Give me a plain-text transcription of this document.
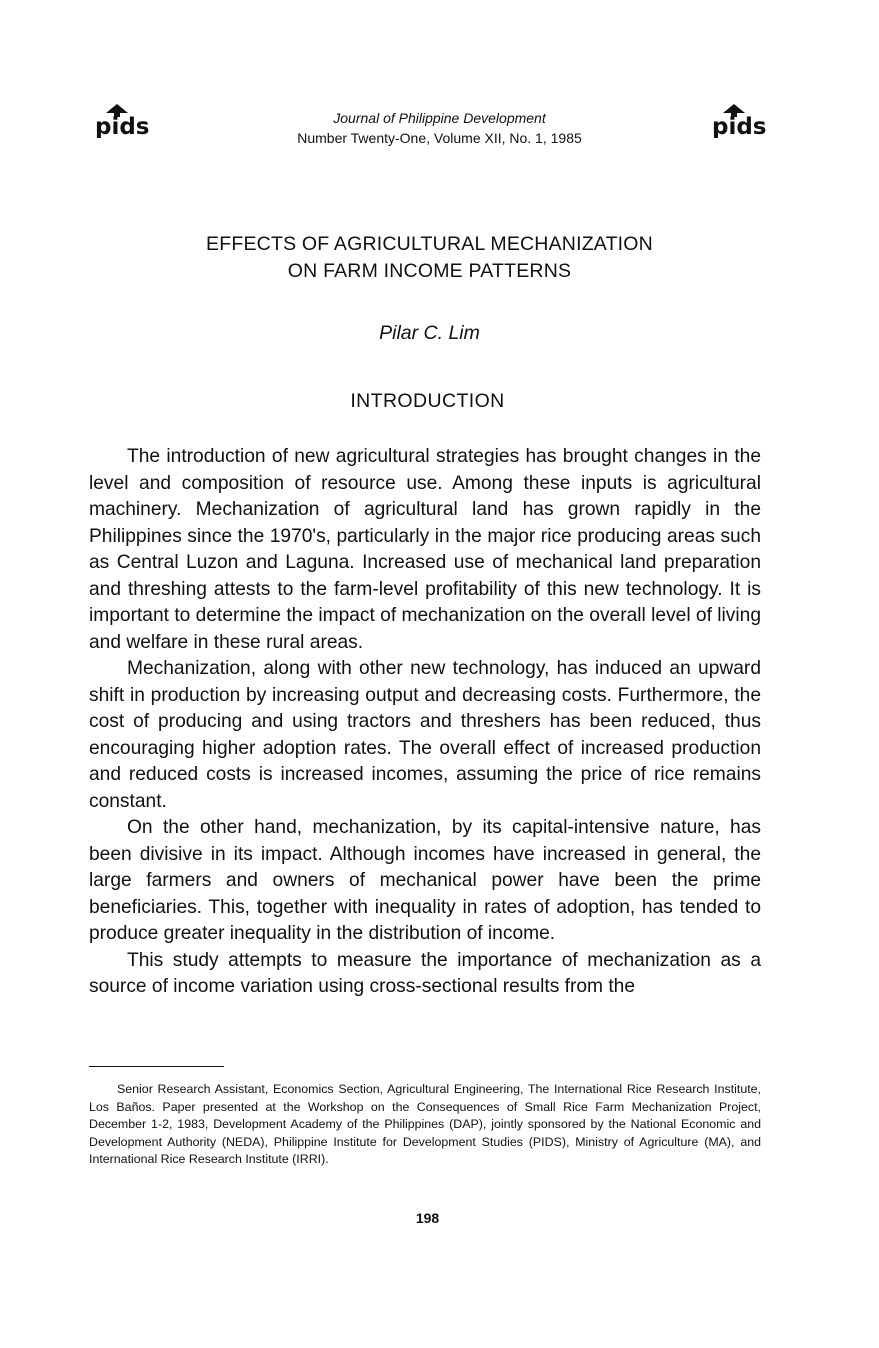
pids	pids
Journal of Philippine Development
Number Twenty-One, Volume XII, No. 1, 1985
EFFECTS OF AGRICULTURAL MECHANIZATION
ON FARM INCOME PATTERNS
Pilar C. Lim
INTRODUCTION

The introduction of new agricultural strategies has brought changes in the level and composition of resource use. Among these inputs is agricultural machinery. Mechanization of agricultural land has grown rapidly in the Philippines since the 1970's, particularly in the major rice producing areas such as Central Luzon and Laguna. Increased use of mechanical land preparation and threshing attests to the farm-level profitability of this new technology. It is important to determine the impact of mechanization on the overall level of living and welfare in these rural areas.

Mechanization, along with other new technology, has induced an upward shift in production by increasing output and decreasing costs. Furthermore, the cost of producing and using tractors and threshers has been reduced, thus encouraging higher adoption rates. The overall effect of increased production and reduced costs is increased incomes, assuming the price of rice remains constant.

On the other hand, mechanization, by its capital-intensive nature, has been divisive in its impact. Although incomes have increased in general, the large farmers and owners of mechanical power have been the prime beneficiaries. This, together with inequality in rates of adoption, has tended to produce greater inequality in the distribution of income.

This study attempts to measure the importance of mechanization as a source of income variation using cross-sectional results from the

Senior Research Assistant, Economics Section, Agricultural Engineering, The International Rice Research Institute, Los Baños. Paper presented at the Workshop on the Consequences of Small Rice Farm Mechanization Project, December 1-2, 1983, Development Academy of the Philippines (DAP), jointly sponsored by the National Economic and Development Authority (NEDA), Philippine Institute for Development Studies (PIDS), Ministry of Agriculture (MA), and International Rice Research Institute (IRRI).
198
